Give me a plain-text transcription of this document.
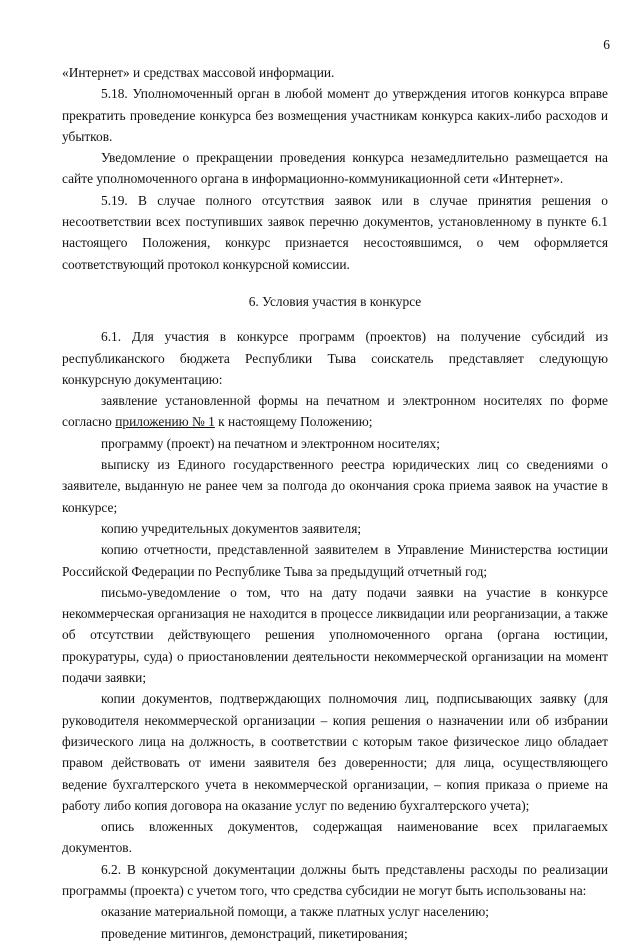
6

«Интернет» и средствах массовой информации.

5.18. Уполномоченный орган в любой момент до утверждения итогов конкурса вправе прекратить проведение конкурса без возмещения участникам конкурса каких-либо расходов и убытков.

Уведомление о прекращении проведения конкурса незамедлительно размещается на сайте уполномоченного органа в информационно-коммуникационной сети «Интернет».

5.19. В случае полного отсутствия заявок или в случае принятия решения о несоответствии всех поступивших заявок перечню документов, установленному в пункте 6.1 настоящего Положения, конкурс признается несостоявшимся, о чем оформляется соответствующий протокол конкурсной комиссии.

6. Условия участия в конкурсе

6.1. Для участия в конкурсе программ (проектов) на получение субсидий из республиканского бюджета Республики Тыва соискатель представляет следующую конкурсную документацию:

заявление установленной формы на печатном и электронном носителях по форме согласно приложению № 1 к настоящему Положению;

программу (проект) на печатном и электронном носителях;

выписку из Единого государственного реестра юридических лиц со сведениями о заявителе, выданную не ранее чем за полгода до окончания срока приема заявок на участие в конкурсе;

копию учредительных документов заявителя;

копию отчетности, представленной заявителем в Управление Министерства юстиции Российской Федерации по Республике Тыва за предыдущий отчетный год;

письмо-уведомление о том, что на дату подачи заявки на участие в конкурсе некоммерческая организация не находится в процессе ликвидации или реорганизации, а также об отсутствии действующего решения уполномоченного органа (органа юстиции, прокуратуры, суда) о приостановлении деятельности некоммерческой организации на момент подачи заявки;

копии документов, подтверждающих полномочия лиц, подписывающих заявку (для руководителя некоммерческой организации – копия решения о назначении или об избрании физического лица на должность, в соответствии с которым такое физическое лицо обладает правом действовать от имени заявителя без доверенности; для лица, осуществляющего ведение бухгалтерского учета в некоммерческой организации, – копия приказа о приеме на работу либо копия договора на оказание услуг по ведению бухгалтерского учета);

опись вложенных документов, содержащая наименование всех прилагаемых документов.

6.2. В конкурсной документации должны быть представлены расходы по реализации программы (проекта) с учетом того, что средства субсидии не могут быть использованы на:

оказание материальной помощи, а также платных услуг населению;

проведение митингов, демонстраций, пикетирования;
